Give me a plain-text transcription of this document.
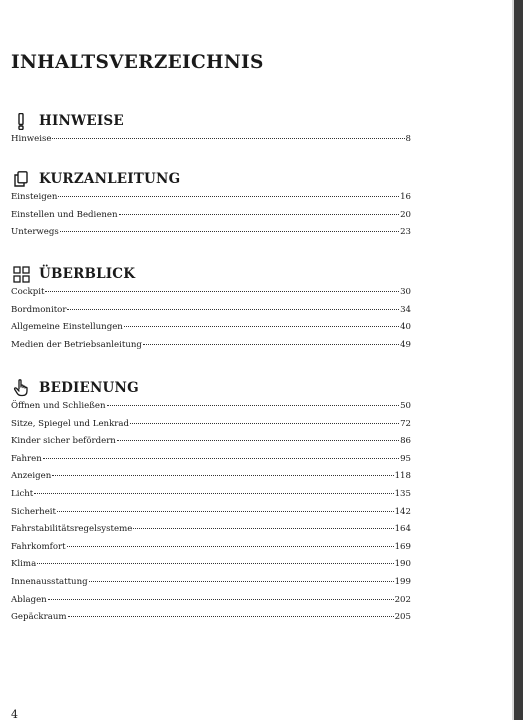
INHALTSVERZEICHNIS
HINWEISE
Hinweise	8
KURZANLEITUNG
Einsteigen	16
Einstellen und Bedienen	20
Unterwegs	23
ÜBERBLICK
Cockpit	30
Bordmonitor	34
Allgemeine Einstellungen	40
Medien der Betriebsanleitung	49
BEDIENUNG
Öffnen und Schließen	50
Sitze, Spiegel und Lenkrad	72
Kinder sicher befördern	86
Fahren	95
Anzeigen	118
Licht	135
Sicherheit	142
Fahrstabilitätsregelsysteme	164
Fahrkomfort	169
Klima	190
Innenausstattung	199
Ablagen	202
Gepäckraum	205
4
